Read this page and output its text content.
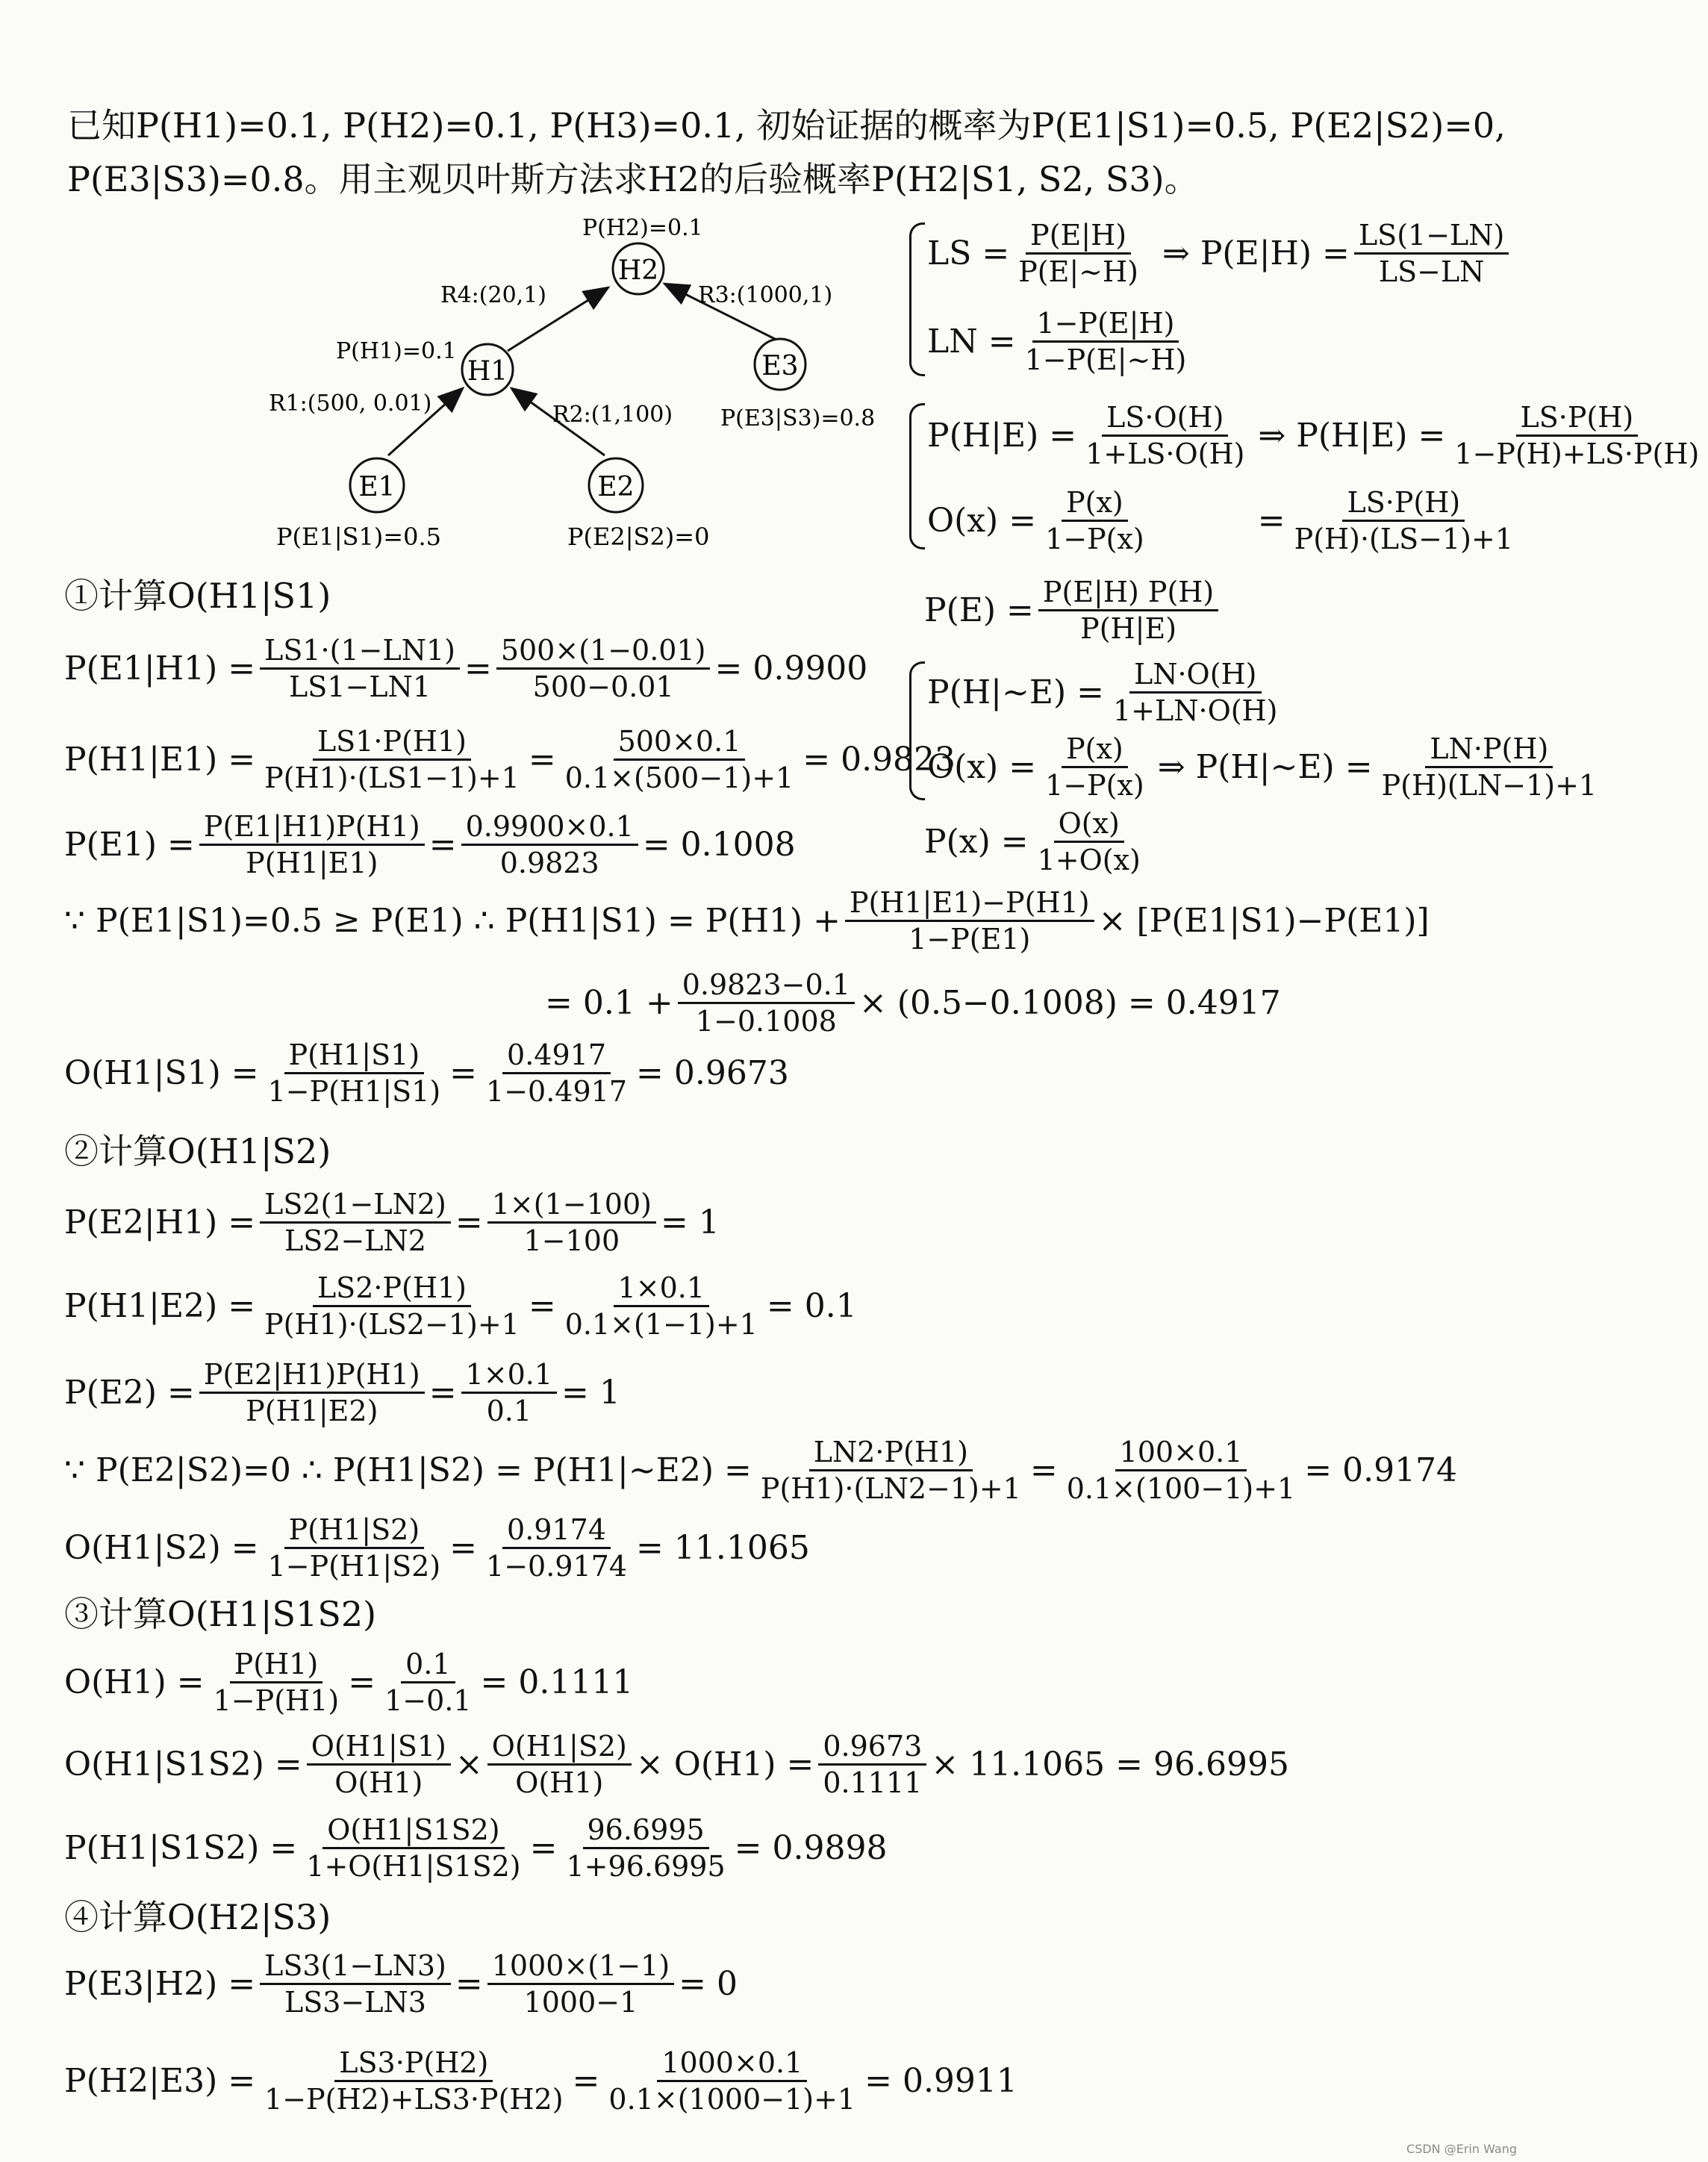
已知P(H1)=0.1, P(H2)=0.1, P(H3)=0.1, 初始证据的概率为P(E1|S1)=0.5, P(E2|S2)=0,
P(E3|S3)=0.8。用主观贝叶斯方法求H2的后验概率P(H2|S1, S2, S3)。
H2
H1	E3
E1	E2
P(H2)=0.1
R4:(20,1)	R3:(1000,1)
P(H1)=0.1
R1:(500, 0.01)	R2:(1,100) P(E3|S3)=0.8
P(E1|S1)=0.5	P(E2|S2)=0
LS = $\frac{P(E|H)}{P(E|\sim H)}$ ⇒ $P(E|H) = \frac{LS(1-LN)}{LS-LN}$
LN = $\frac{1-P(E|H)}{1-P(E|\sim H)}$
$P(H|E) = \frac{LS\cdot O(H)}{1+LS\cdot O(H)}$ ⇒ $P(H|E) = \frac{LS\cdot P(H)}{1-P(H)+LS\cdot P(H)}$
$O(x) = \frac{P(x)}{1-P(x)}$	= $\frac{LS\cdot P(H)}{P(H)\cdot(LS-1)+1}$
$P(E) = \frac{P(E|H) P(H)}{P(H|E)}$
P(H|~E) = $\frac{LN\cdot O(H)}{1+LN\cdot O(H)}$
$O(x) = \frac{P(x)}{1-P(x)}$ ⇒ P(H|~E) = $\frac{LN\cdot P(H)}{P(H)(LN-1)+1}$
$P(x) = \frac{O(x)}{1+O(x)}$
①计算O(H1|S1)
$P(E1|H1) = \frac{LS1\cdot(1-LN1)}{LS1-LN1} = \frac{500\times(1-0.01)}{500-0.01} = 0.9900$
$P(H1|E1) = \frac{LS1\cdot P(H1)}{P(H1)\cdot(LS1-1)+1} = \frac{500\times 0.1}{0.1\times(500-1)+1} = 0.9823$
$P(E1) = \frac{P(E1|H1)P(H1)}{P(H1|E1)} = \frac{0.9900\times 0.1}{0.9823} = 0.1008$
∵ P(E1|S1)=0.5 ≥ P(E1) ∴ $P(H1|S1) = P(H1) + \frac{P(H1|E1)-P(H1)}{1-P(E1)} \times [P(E1|S1)-P(E1)]$
= $0.1 + \frac{0.9823-0.1}{1-0.1008} \times (0.5-0.1008) = 0.4917$
$O(H1|S1) = \frac{P(H1|S1)}{1-P(H1|S1)} = \frac{0.4917}{1-0.4917} = 0.9673$
②计算O(H1|S2)
$P(E2|H1) = \frac{LS2(1-LN2)}{LS2-LN2} = \frac{1\times(1-100)}{1-100} = 1$
$P(H1|E2) = \frac{LS2\cdot P(H1)}{P(H1)\cdot(LS2-1)+1} = \frac{1\times 0.1}{0.1\times(1-1)+1} = 0.1$
$P(E2) = \frac{P(E2|H1)P(H1)}{P(H1|E2)} = \frac{1\times 0.1}{0.1} = 1$
∵ P(E2|S2)=0 ∴ P(H1|S2) = P(H1|~E2) = $\frac{LN2\cdot P(H1)}{P(H1)\cdot(LN2-1)+1} = \frac{100\times 0.1}{0.1\times(100-1)+1} = 0.9174$
$O(H1|S2) = \frac{P(H1|S2)}{1-P(H1|S2)} = \frac{0.9174}{1-0.9174} = 11.1065$
③计算O(H1|S1S2)
$O(H1) = \frac{P(H1)}{1-P(H1)} = \frac{0.1}{1-0.1} = 0.1111$
$O(H1|S1S2) = \frac{O(H1|S1)}{O(H1)} \times \frac{O(H1|S2)}{O(H1)} \times O(H1) = \frac{0.9673}{0.1111} \times 11.1065 = 96.6995$
$P(H1|S1S2) = \frac{O(H1|S1S2)}{1+O(H1|S1S2)} = \frac{96.6995}{1+96.6995} = 0.9898$
④计算O(H2|S3)
$P(E3|H2) = \frac{LS3(1-LN3)}{LS3-LN3} = \frac{1000\times(1-1)}{1000-1} = 0$
$P(H2|E3) = \frac{LS3\cdot P(H2)}{1-P(H2)+LS3\cdot P(H2)} = \frac{1000\times 0.1}{0.1\times(1000-1)+1} = 0.9911$
CSDN @Erin Wang
